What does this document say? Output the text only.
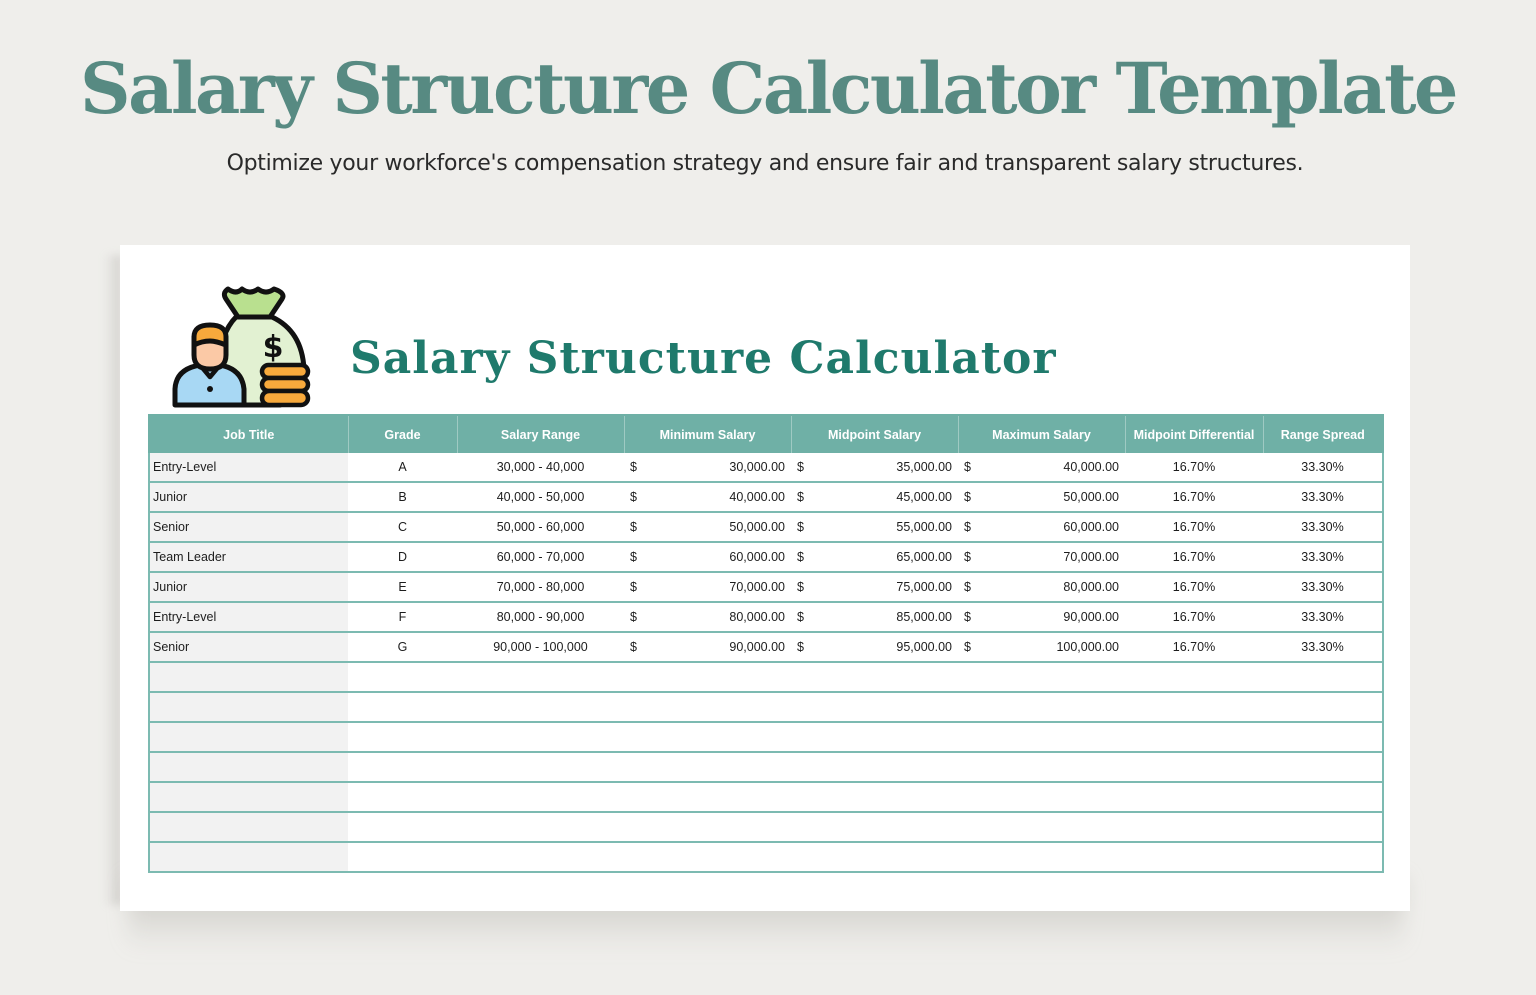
Salary Structure Calculator Template
Optimize your workforce's compensation strategy and ensure fair and transparent salary structures.
$ Salary Structure Calculator
Job Title	Grade	Salary Range	Minimum Salary	Midpoint Salary	Maximum Salary	Midpoint Differential	Range Spread
Entry-Level	A	30,000 - 40,000	$ 30,000.00	$ 35,000.00	$ 40,000.00	16.70%	33.30%
Junior	B	40,000 - 50,000	$ 40,000.00	$ 45,000.00	$ 50,000.00	16.70%	33.30%
Senior	C	50,000 - 60,000	$ 50,000.00	$ 55,000.00	$ 60,000.00	16.70%	33.30%
Team Leader	D	60,000 - 70,000	$ 60,000.00	$ 65,000.00	$ 70,000.00	16.70%	33.30%
Junior	E	70,000 - 80,000	$ 70,000.00	$ 75,000.00	$ 80,000.00	16.70%	33.30%
Entry-Level	F	80,000 - 90,000	$ 80,000.00	$ 85,000.00	$ 90,000.00	16.70%	33.30%
Senior	G	90,000 - 100,000	$ 90,000.00	$ 95,000.00	$ 100,000.00	16.70%	33.30%
